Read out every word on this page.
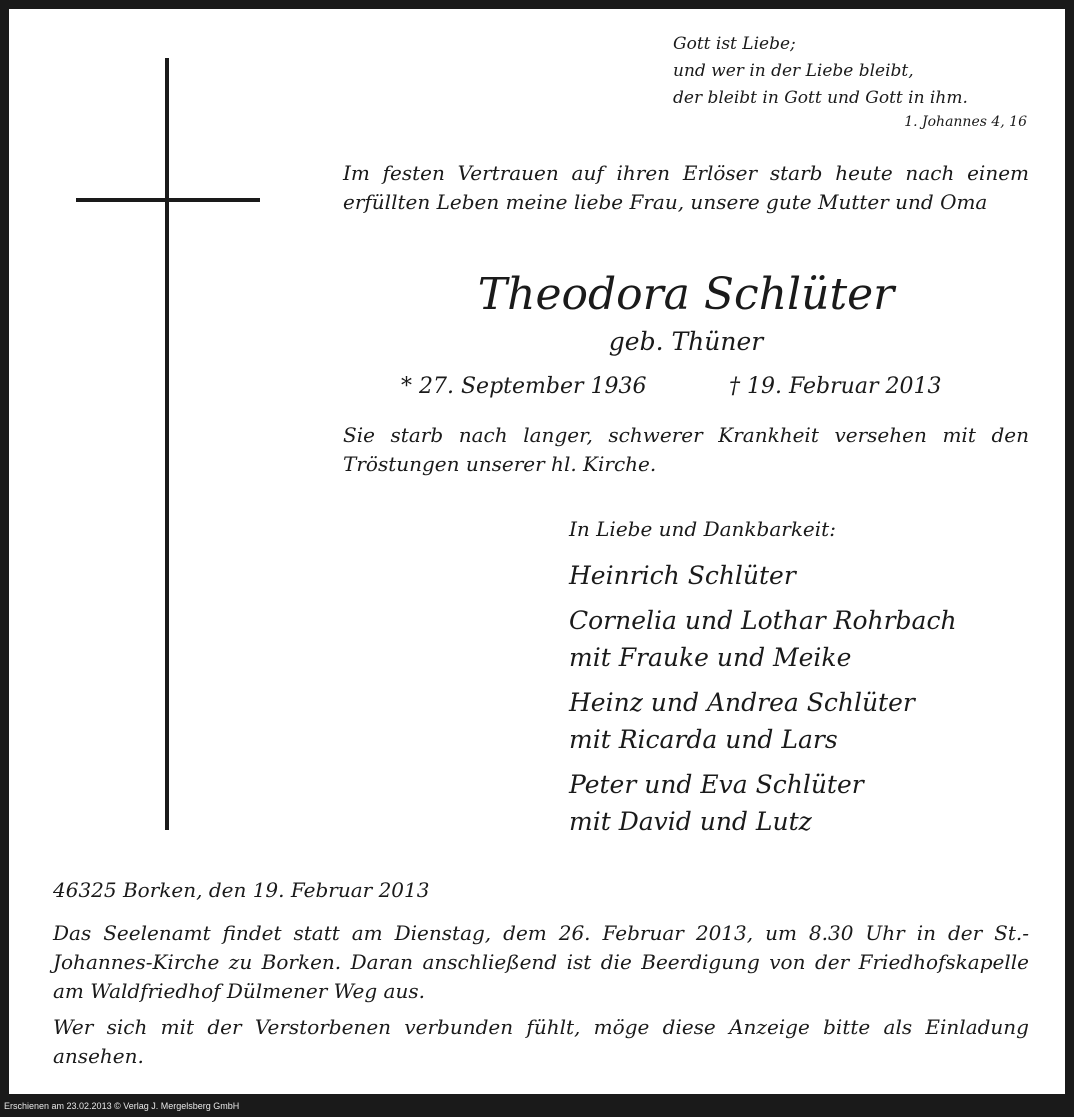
Gott ist Liebe;
und wer in der Liebe bleibt,
der bleibt in Gott und Gott in ihm.
1. Johannes 4, 16
Im festen Vertrauen auf ihren Erlöser starb heute nach einem erfüllten Leben meine liebe Frau, unsere gute Mutter und Oma
Theodora Schlüter
geb. Thüner
* 27. September 1936	† 19. Februar 2013
Sie starb nach langer, schwerer Krankheit versehen mit den Tröstungen unserer hl. Kirche.
In Liebe und Dankbarkeit:
Heinrich Schlüter
Cornelia und Lothar Rohrbach
mit Frauke und Meike
Heinz und Andrea Schlüter
mit Ricarda und Lars
Peter und Eva Schlüter
mit David und Lutz
46325 Borken, den 19. Februar 2013
Das Seelenamt findet statt am Dienstag, dem 26. Februar 2013, um 8.30 Uhr in der St.-Johannes-Kirche zu Borken. Daran anschließend ist die Beerdigung von der Friedhofskapelle am Waldfriedhof Dülmener Weg aus.
Wer sich mit der Verstorbenen verbunden fühlt, möge diese Anzeige bitte als Einladung ansehen.
Erschienen am 23.02.2013 © Verlag J. Mergelsberg GmbH
